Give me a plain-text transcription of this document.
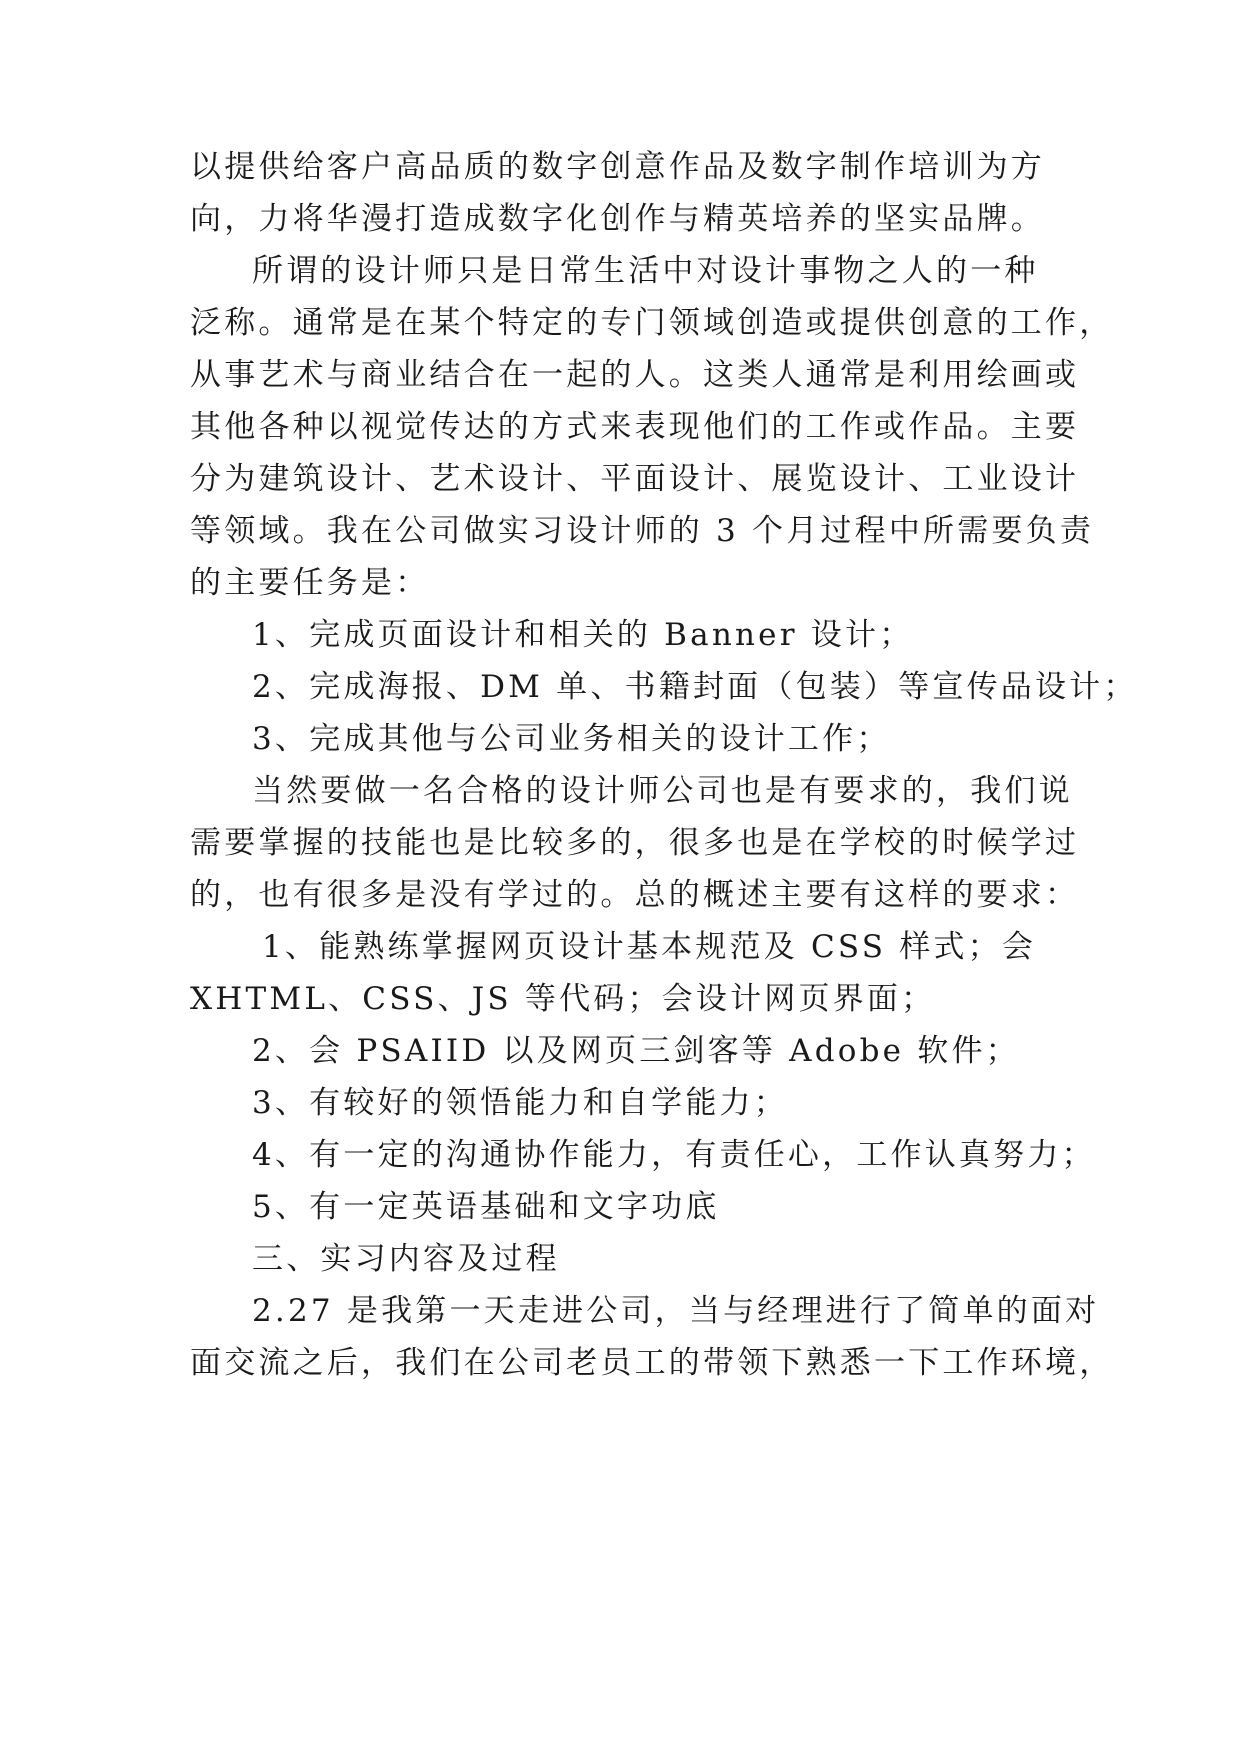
以提供给客户高品质的数字创意作品及数字制作培训为方
向，力将华漫打造成数字化创作与精英培养的坚实品牌。
所谓的设计师只是日常生活中对设计事物之人的一种
泛称。通常是在某个特定的专门领域创造或提供创意的工作，
从事艺术与商业结合在一起的人。这类人通常是利用绘画或
其他各种以视觉传达的方式来表现他们的工作或作品。主要
分为建筑设计、艺术设计、平面设计、展览设计、工业设计
等领域。我在公司做实习设计师的 3 个月过程中所需要负责
的主要任务是：
1、完成页面设计和相关的 Banner 设计；
2、完成海报、DM 单、书籍封面（包装）等宣传品设计；
3、完成其他与公司业务相关的设计工作；
当然要做一名合格的设计师公司也是有要求的，我们说
需要掌握的技能也是比较多的，很多也是在学校的时候学过
的，也有很多是没有学过的。总的概述主要有这样的要求：
1、能熟练掌握网页设计基本规范及 CSS 样式；会
XHTML、CSS、JS 等代码；会设计网页界面；
2、会 PSAIID 以及网页三剑客等 Adobe 软件；
3、有较好的领悟能力和自学能力；
4、有一定的沟通协作能力，有责任心，工作认真努力；
5、有一定英语基础和文字功底
三、实习内容及过程
2.27 是我第一天走进公司，当与经理进行了简单的面对
面交流之后，我们在公司老员工的带领下熟悉一下工作环境，
